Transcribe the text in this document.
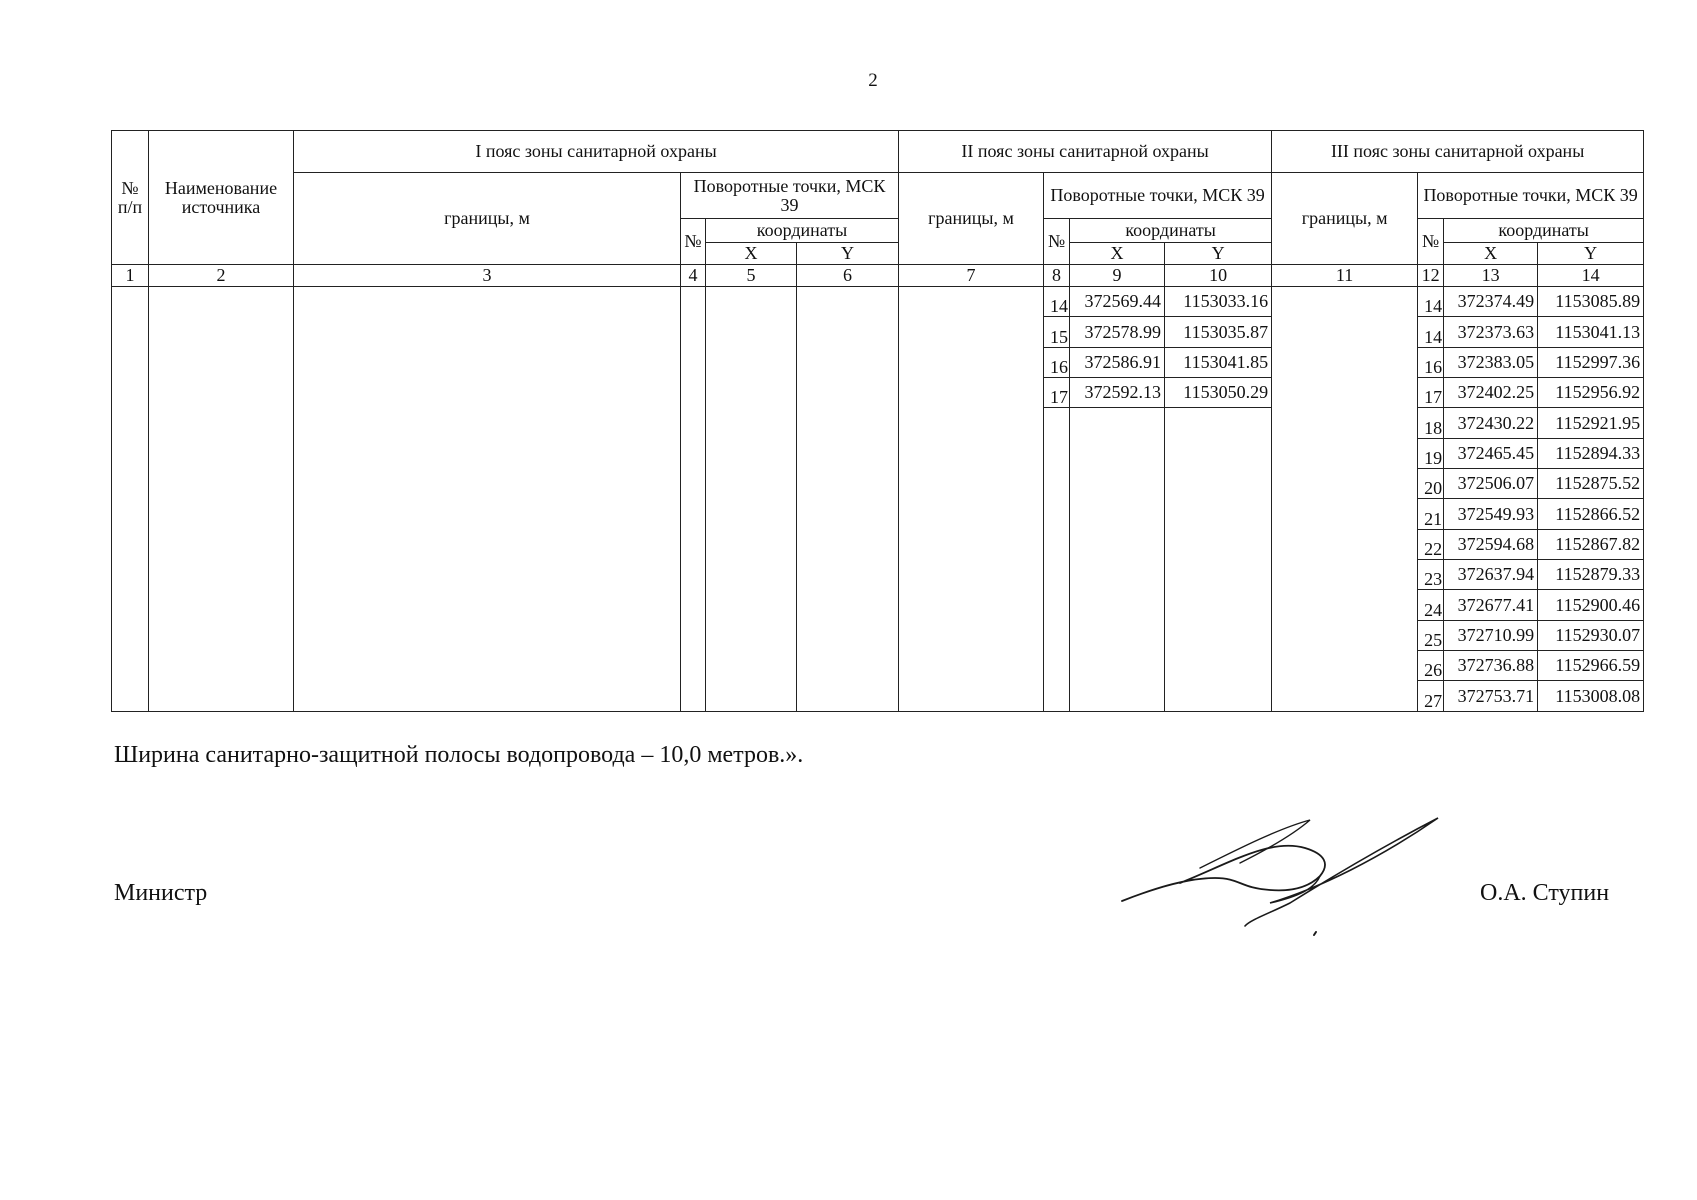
2
№ п/п	Наименование источника	I пояс зоны санитарной охраны				II пояс зоны санитарной охраны				III пояс зоны санитарной охраны			
		границы, м	Поворотные точки, МСК 39			границы, м	Поворотные точки, МСК 39			границы, м	Поворотные точки, МСК 39		
			№	координаты			№	координаты			№	координаты	
				X	Y			X	Y			X	Y
1	2	3	4	5	6	7	8	9	10	11	12	13	14
							14	372569.44	1153033.16		14	372374.49	1153085.89
							15	372578.99	1153035.87		14	372373.63	1153041.13
							16	372586.91	1153041.85		16	372383.05	1152997.36
							17	372592.13	1153050.29		17	372402.25	1152956.92
											18	372430.22	1152921.95
											19	372465.45	1152894.33
											20	372506.07	1152875.52
											21	372549.93	1152866.52
											22	372594.68	1152867.82
											23	372637.94	1152879.33
											24	372677.41	1152900.46
											25	372710.99	1152930.07
											26	372736.88	1152966.59
											27	372753.71	1153008.08
Ширина санитарно-защитной полосы водопровода – 10,0 метров.».
Министр	О.А. Ступин
